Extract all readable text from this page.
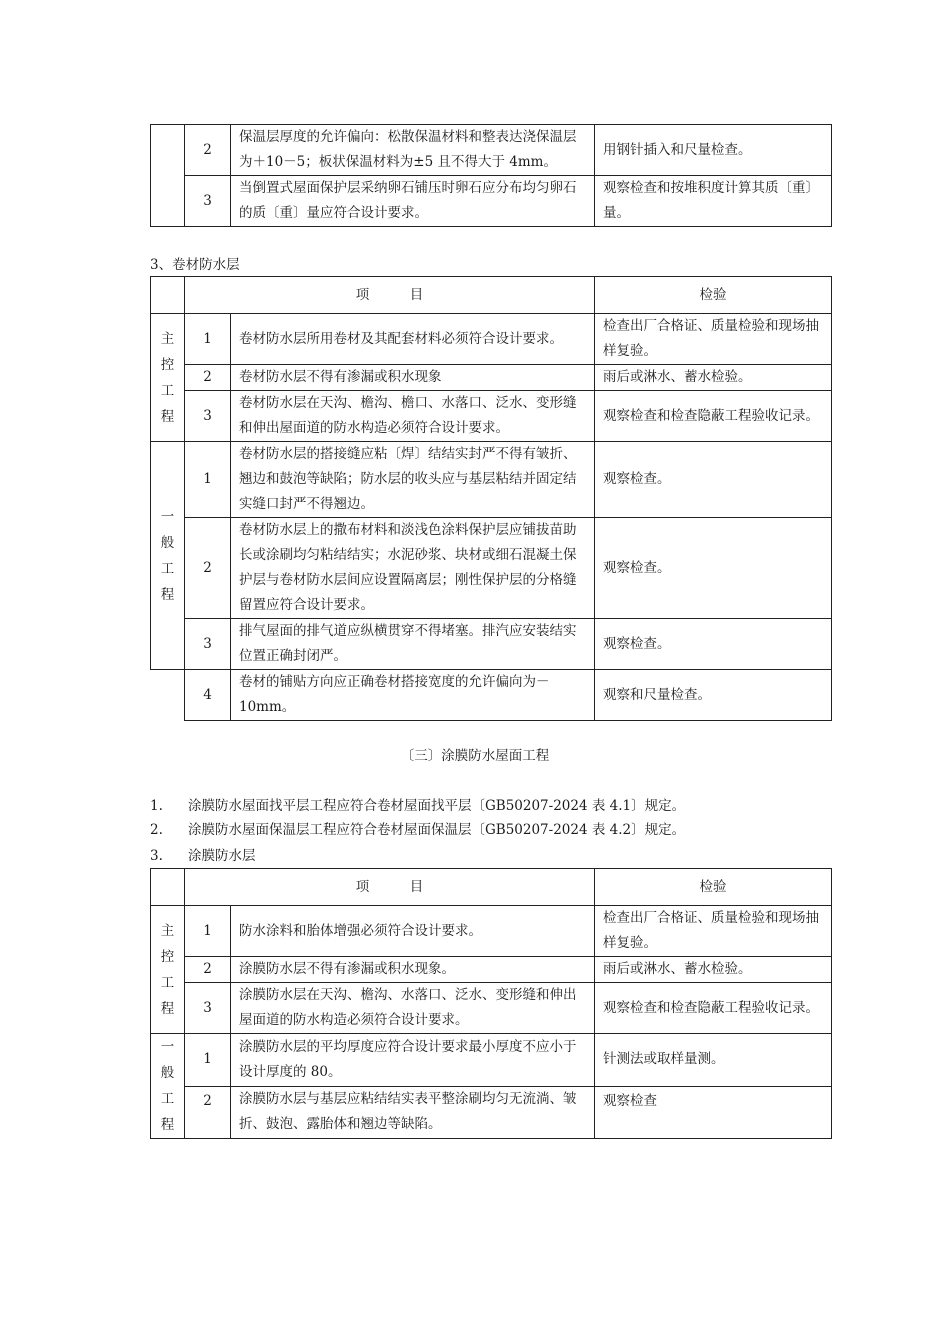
	2	保温层厚度的允许偏向：松散保温材料和整表达浇保温层为＋10－5；板状保温材料为±5 且不得大于 4mm。	用钢针插入和尺量检查。
	3	当倒置式屋面保护层采纳卵石铺压时卵石应分布均匀卵石的质〔重〕量应符合设计要求。	观察检查和按堆积度计算其质〔重〕量。
3、卷材防水层
	项　　　目		检验

主
控
工
程	1	卷材防水层所用卷材及其配套材料必须符合设计要求。	检查出厂合格证、质量检验和现场抽样复验。
	2	卷材防水层不得有渗漏或积水现象	雨后或淋水、蓄水检验。
	3	卷材防水层在天沟、檐沟、檐口、水落口、泛水、变形缝和伸出屋面道的防水构造必须符合设计要求。	观察检查和检查隐蔽工程验收记录。

一
般
工
程	1	卷材防水层的搭接缝应粘〔焊〕结结实封严不得有皱折、翘边和鼓泡等缺陷；防水层的收头应与基层粘结并固定结实缝口封严不得翘边。	观察检查。
	2	卷材防水层上的撒布材料和淡浅色涂料保护层应铺拔苗助长或涂刷均匀粘结结实；水泥砂浆、块材或细石混凝土保护层与卷材防水层间应设置隔离层；刚性保护层的分格缝留置应符合设计要求。	观察检查。
	3	排气屋面的排气道应纵横贯穿不得堵塞。排汽应安装结实位置正确封闭严。	观察检查。
	4	卷材的铺贴方向应正确卷材搭接宽度的允许偏向为－10mm。	观察和尺量检查。
〔三〕涂膜防水屋面工程
1. 涂膜防水屋面找平层工程应符合卷材屋面找平层〔GB50207-2024 表 4.1〕规定。
2. 涂膜防水屋面保温层工程应符合卷材屋面保温层〔GB50207-2024 表 4.2〕规定。
3. 涂膜防水层
	项　　　目		检验

主
控
工
程	1	防水涂料和胎体增强必须符合设计要求。	检查出厂合格证、质量检验和现场抽样复验。
	2	涂膜防水层不得有渗漏或积水现象。	雨后或淋水、蓄水检验。
	3	涂膜防水层在天沟、檐沟、水落口、泛水、变形缝和伸出屋面道的防水构造必须符合设计要求。	观察检查和检查隐蔽工程验收记录。

一
般
工
程	1	涂膜防水层的平均厚度应符合设计要求最小厚度不应小于设计厚度的 80。	针测法或取样量测。
	2	涂膜防水层与基层应粘结结实表平整涂刷均匀无流淌、皱折、鼓泡、露胎体和翘边等缺陷。	观察检查
